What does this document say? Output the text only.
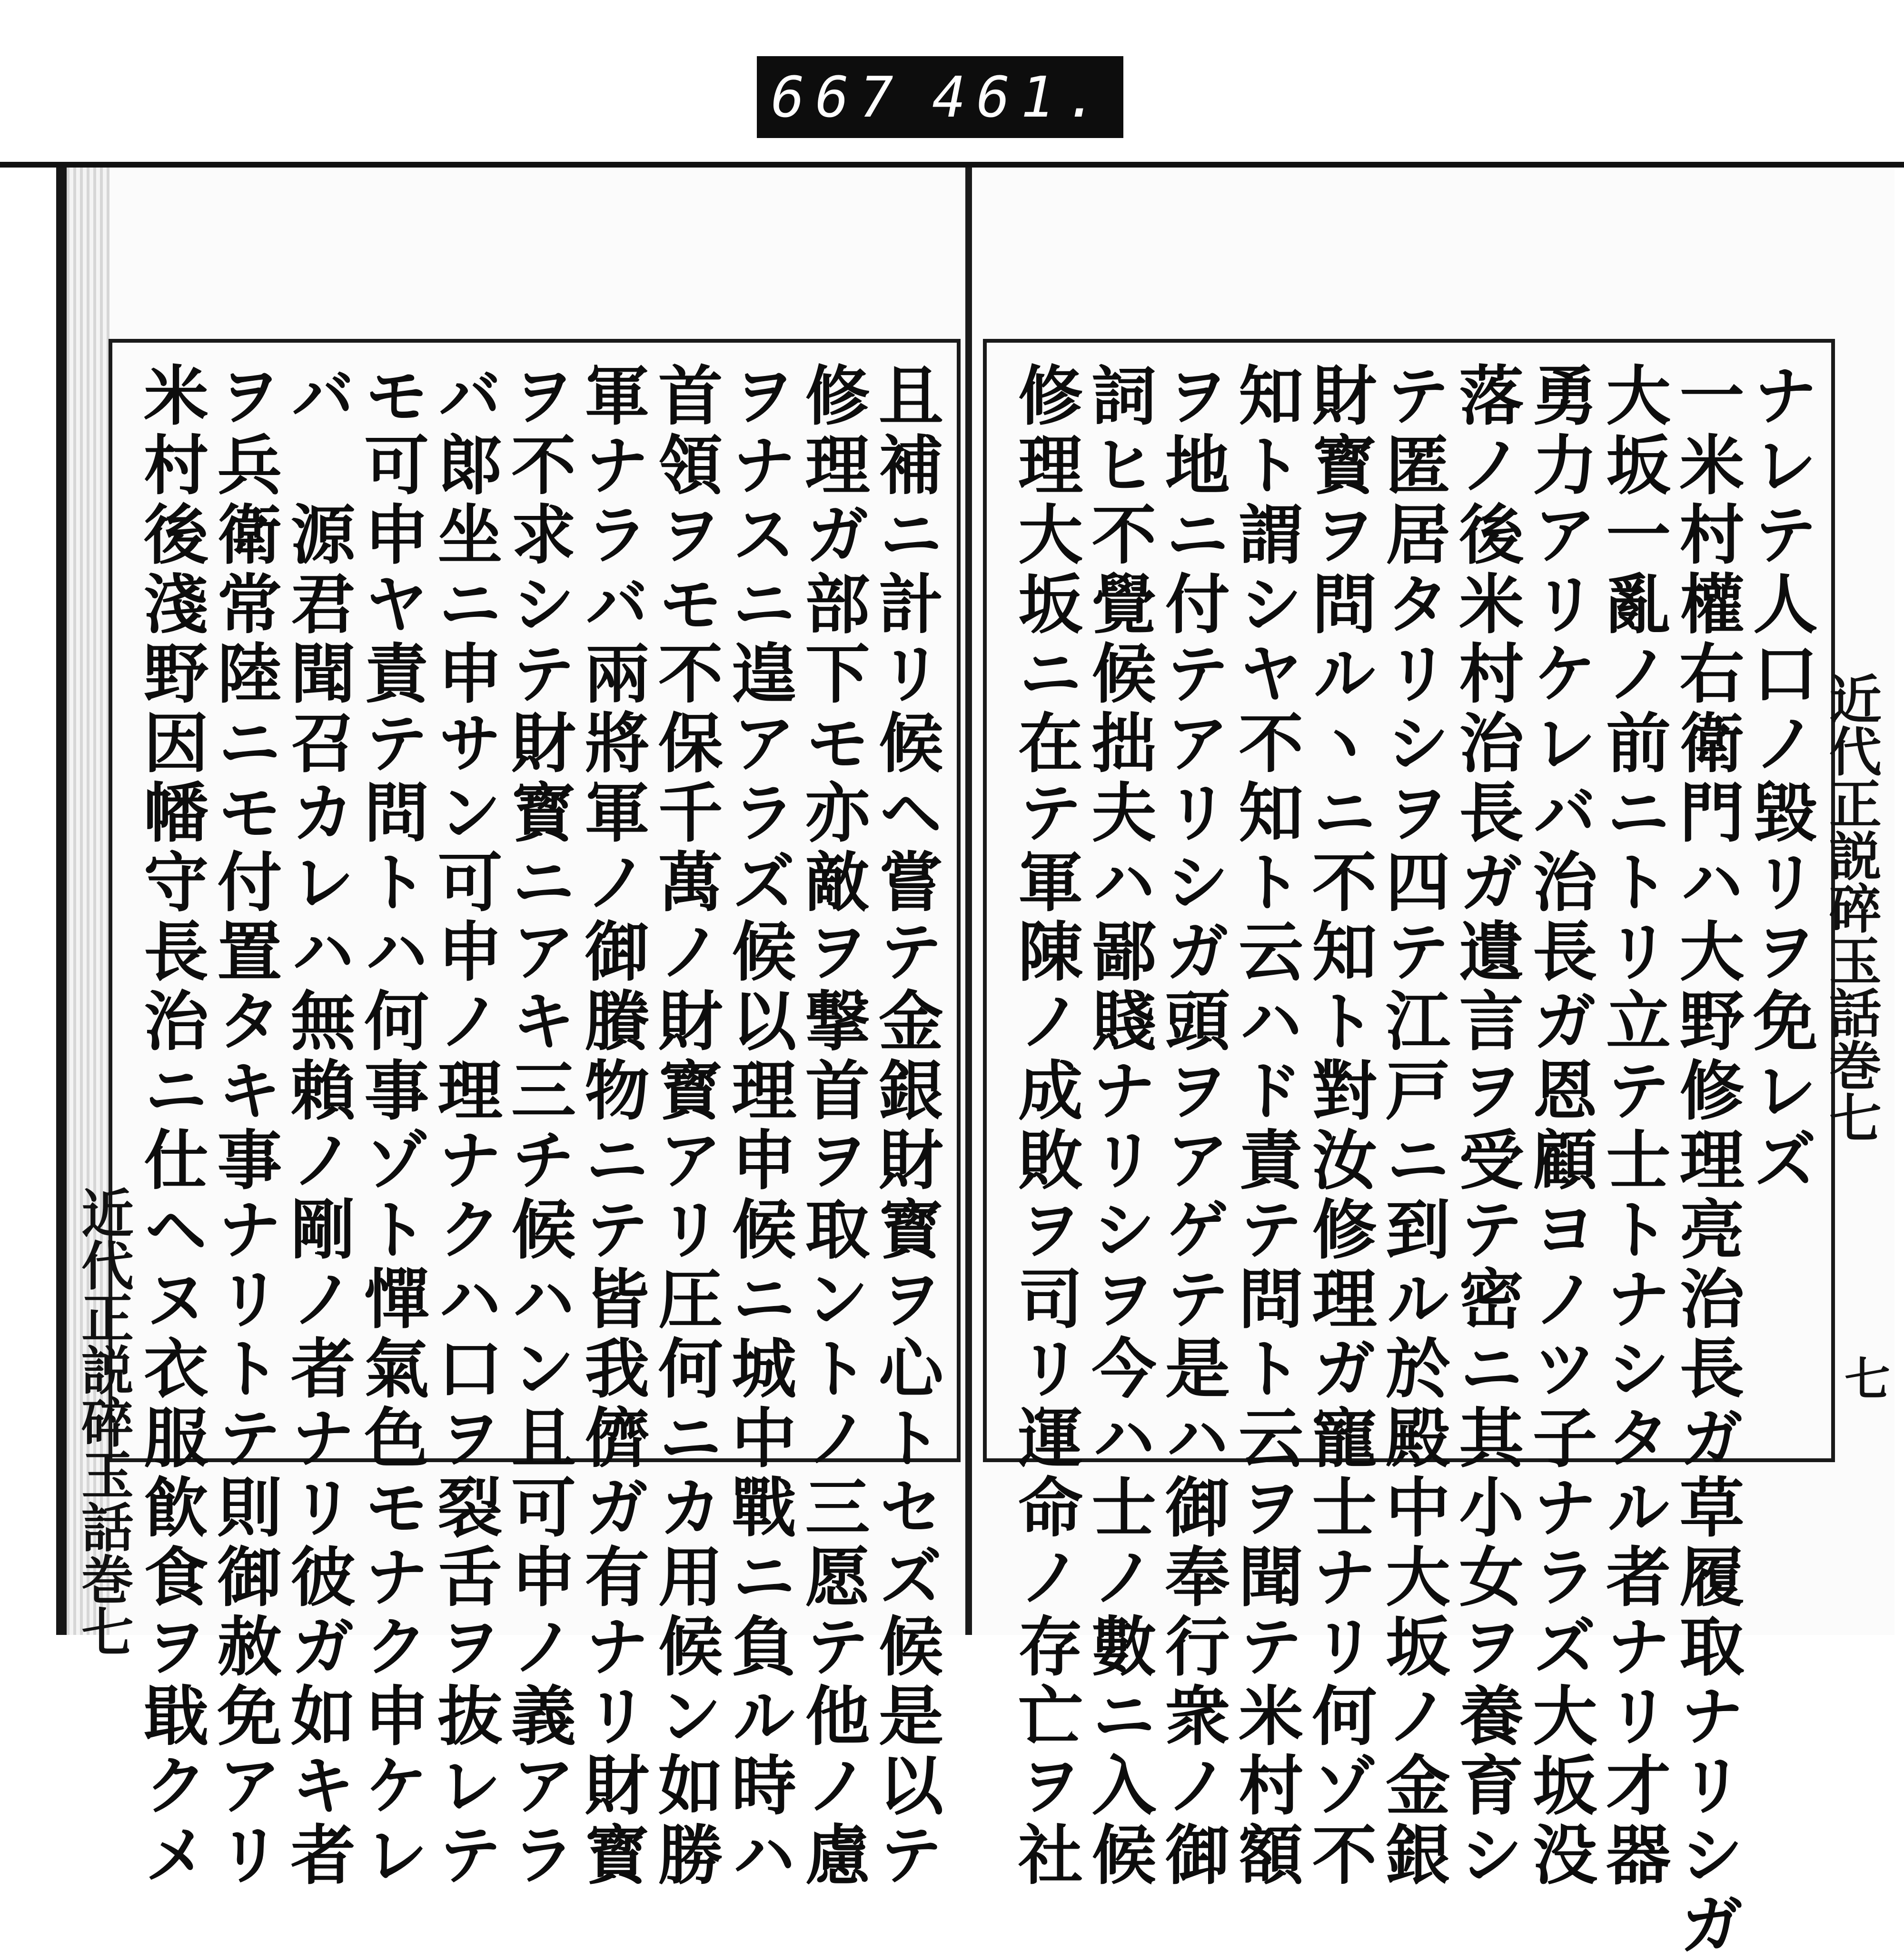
667 461.
ナレテ人口ノ毀リヲ免レズ
一米村權右衛門ハ大野修理亮治長ガ草履取ナリシガ
大坂一亂ノ前ニトリ立テ士トナシタル者ナリ才器
勇力アリケレバ治長ガ恩顧ヨノツ子ナラズ大坂没
落ノ後米村治長ガ遺言ヲ受テ密ニ其小女ヲ養育シ
テ匿居タリシヲ四テ江戸ニ到ル於殿中大坂ノ金銀
財寳ヲ問ルヽニ不知ト對汝修理ガ寵士ナリ何ゾ不
知ト謂シヤ不知ト云ハド責テ問ト云ヲ聞テ米村額
ヲ地ニ付テアリシガ頭ヲアゲテ是ハ御奉行衆ノ御
詞ヒ不覺候拙夫ハ鄙賤ナリシヲ今ハ士ノ數ニ入候
修理大坂ニ在テ軍陳ノ成敗ヲ司リ運命ノ存亡ヲ社	近代正説碎玉話巻七
七
且補ニ計リ候ヘ嘗テ金銀財寳ヲ心トセズ候是以テ
修理ガ部下モ亦敵ヲ撃首ヲ取ントノ三愿テ他ノ慮
ヲナスニ遑アラズ候以理申候ニ城中戰ニ負ル時ハ
首領ヲモ不保千萬ノ財寳アリ圧何ニカ用候ン如勝
軍ナラバ兩將軍ノ御賸物ニテ皆我儕ガ有ナリ財寳
ヲ不求シテ財寳ニアキ三チ候ハン且可申ノ義アラ
バ郞坐ニ申サン可申ノ理ナクハ口ヲ裂舌ヲ抜レテ
モ可申ヤ責テ問トハ何事ゾト憚氣色モナク申ケレ
バ　源君聞召カレハ無賴ノ剛ノ者ナリ彼ガ如キ者
ヲ兵衛常陸ニモ付置タキ事ナリトテ則御赦免アリ
米村後淺野因幡守長治ニ仕ヘヌ衣服飮食ヲ戢クメ
近代正説碎玉話巻七
